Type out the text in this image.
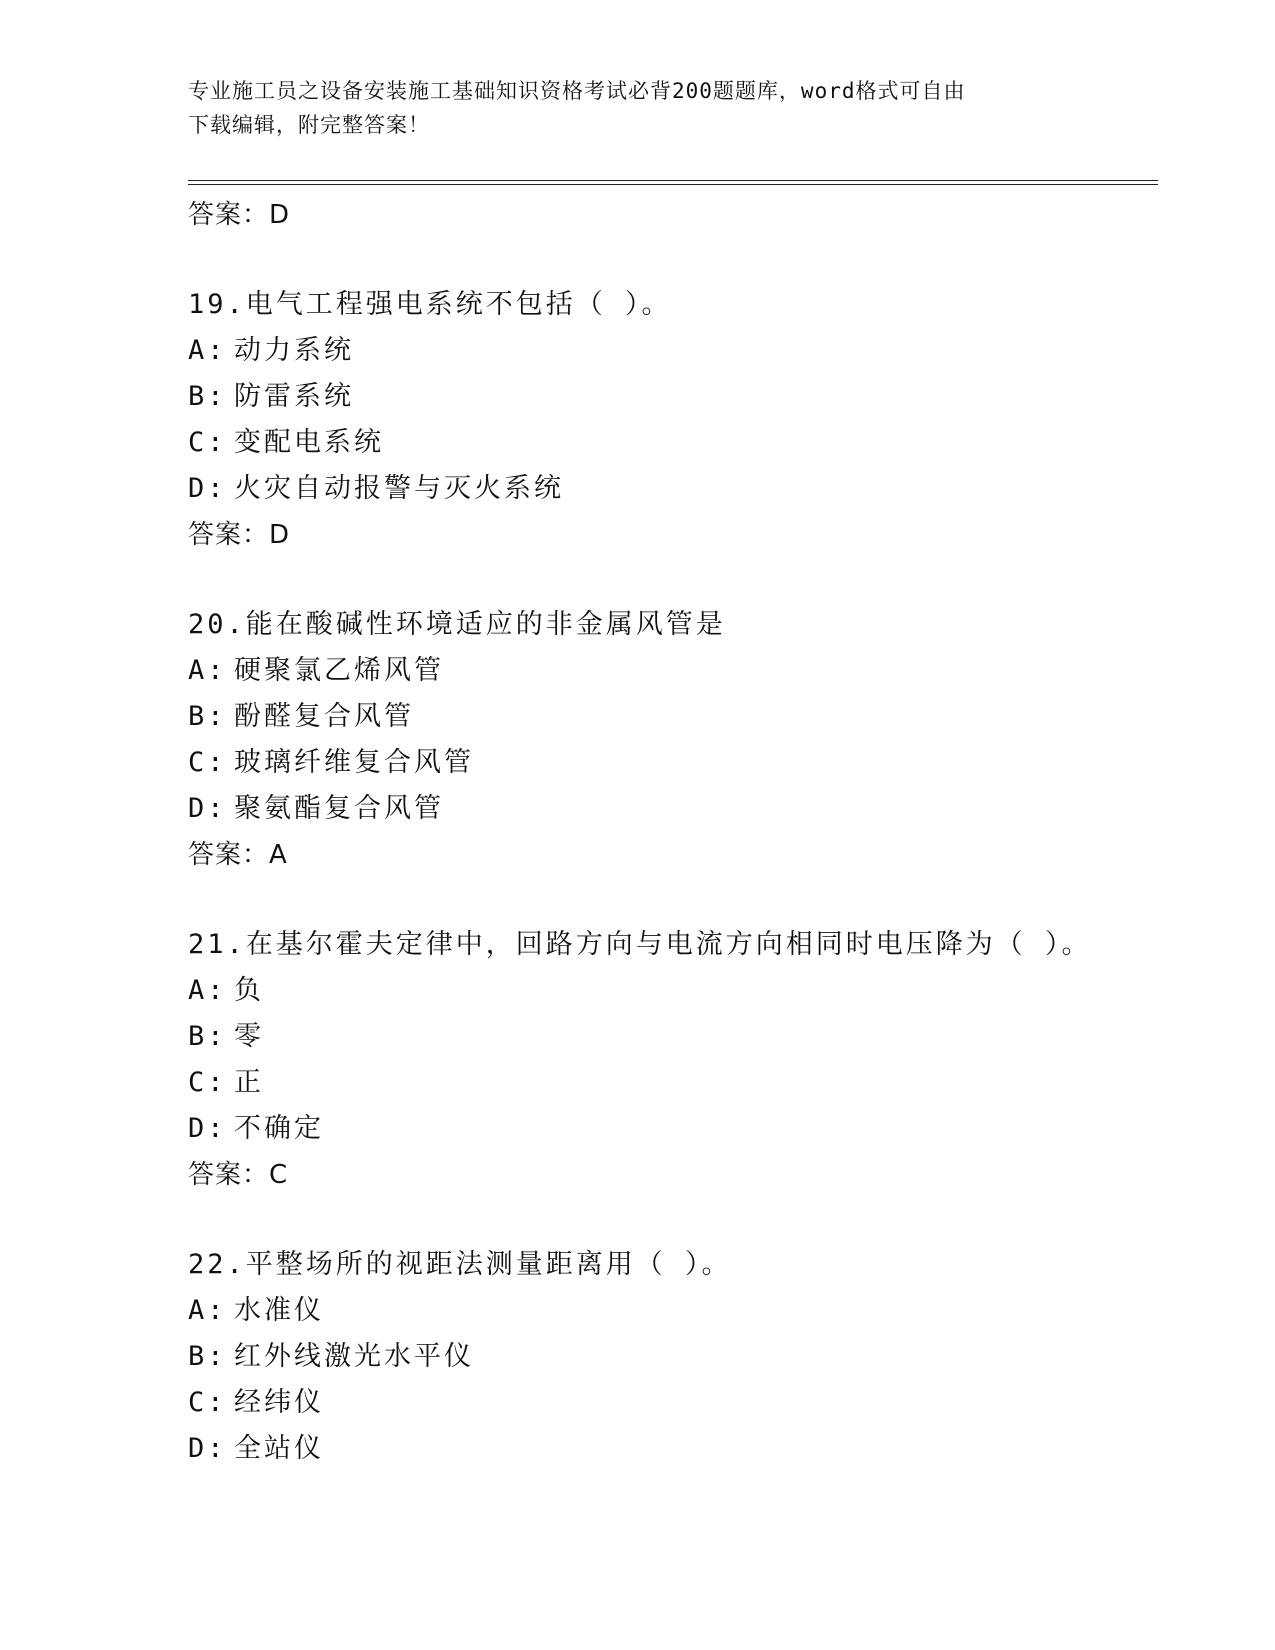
专业施工员之设备安装施工基础知识资格考试必背200题题库，word格式可自由
下载编辑，附完整答案！
答案：D
19.电气工程强电系统不包括（ ）。
A: 动力系统
B: 防雷系统
C: 变配电系统
D: 火灾自动报警与灭火系统
答案：D
20.能在酸碱性环境适应的非金属风管是
A: 硬聚氯乙烯风管
B: 酚醛复合风管
C: 玻璃纤维复合风管
D: 聚氨酯复合风管
答案：A
21.在基尔霍夫定律中，回路方向与电流方向相同时电压降为（ ）。
A: 负
B: 零
C: 正
D: 不确定
答案：C
22.平整场所的视距法测量距离用（ ）。
A: 水准仪
B: 红外线激光水平仪
C: 经纬仪
D: 全站仪
